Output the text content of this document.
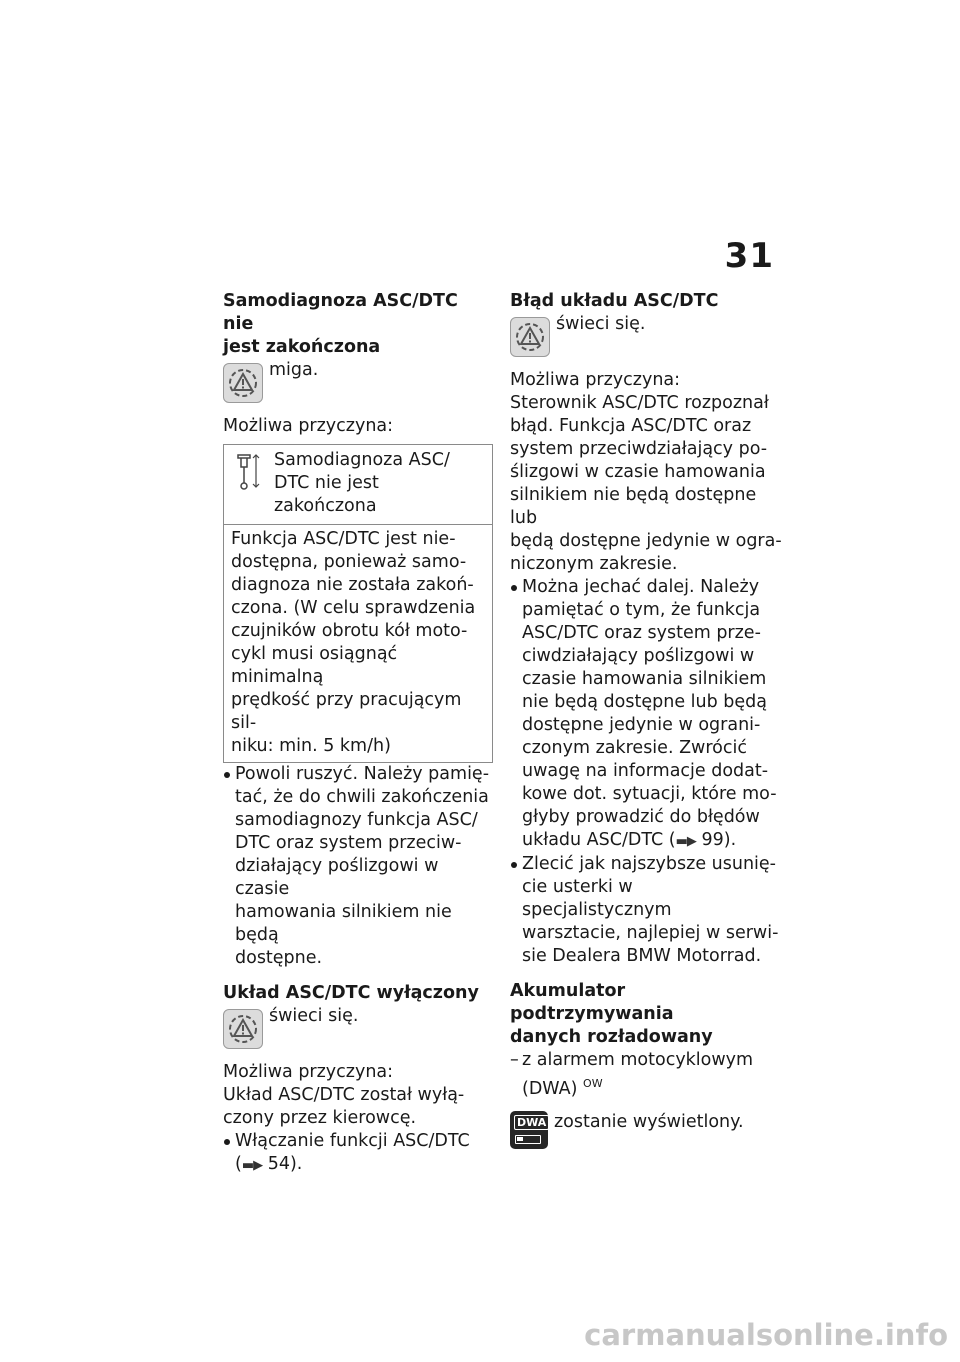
31

Samodiagnoza ASC/DTC nie

jest zakończona

miga.

Możliwa przyczyna:

Samodiagnoza ASC/

DTC nie jest zakończona

Funkcja ASC/DTC jest nie-

dostępna, ponieważ samo-

diagnoza nie została zakoń-

czona. (W celu sprawdzenia

czujników obrotu kół moto-

cykl musi osiągnąć minimalną

prędkość przy pracującym sil-

niku: min. 5 km/h)

Powoli ruszyć. Należy pamię-
tać, że do chwili zakończenia
samodiagnozy funkcja ASC/
DTC oraz system przeciw-
działający poślizgowi w czasie
hamowania silnikiem nie będą
dostępne.

Układ ASC/DTC wyłączony

świeci się.

Możliwa przyczyna:

Układ ASC/DTC został wyłą-

czony przez kierowcę.

Włączanie funkcji ASC/DTC
(▬▶ 54).

Błąd układu ASC/DTC

świeci się.

Możliwa przyczyna:

Sterownik ASC/DTC rozpoznał

błąd. Funkcja ASC/DTC oraz

system przeciwdziałający po-

ślizgowi w czasie hamowania

silnikiem nie będą dostępne lub

będą dostępne jedynie w ogra-

niczonym zakresie.

Można jechać dalej. Należy
pamiętać o tym, że funkcja
ASC/DTC oraz system prze-
ciwdziałający poślizgowi w
czasie hamowania silnikiem
nie będą dostępne lub będą
dostępne jedynie w ograni-
czonym zakresie. Zwrócić
uwagę na informacje dodat-
kowe dot. sytuacji, które mo-
głyby prowadzić do błędów
układu ASC/DTC (▬▶ 99).
Zlecić jak najszybsze usunię-
cie usterki w specjalistycznym
warsztacie, najlepiej w serwi-
sie Dealera BMW Motorrad.

Akumulator podtrzymywania

danych rozładowany

– z alarmem motocyklowym
(DWA) $^{OW}$
DWA zostanie wyświetlony.

carmanualsonline.info
